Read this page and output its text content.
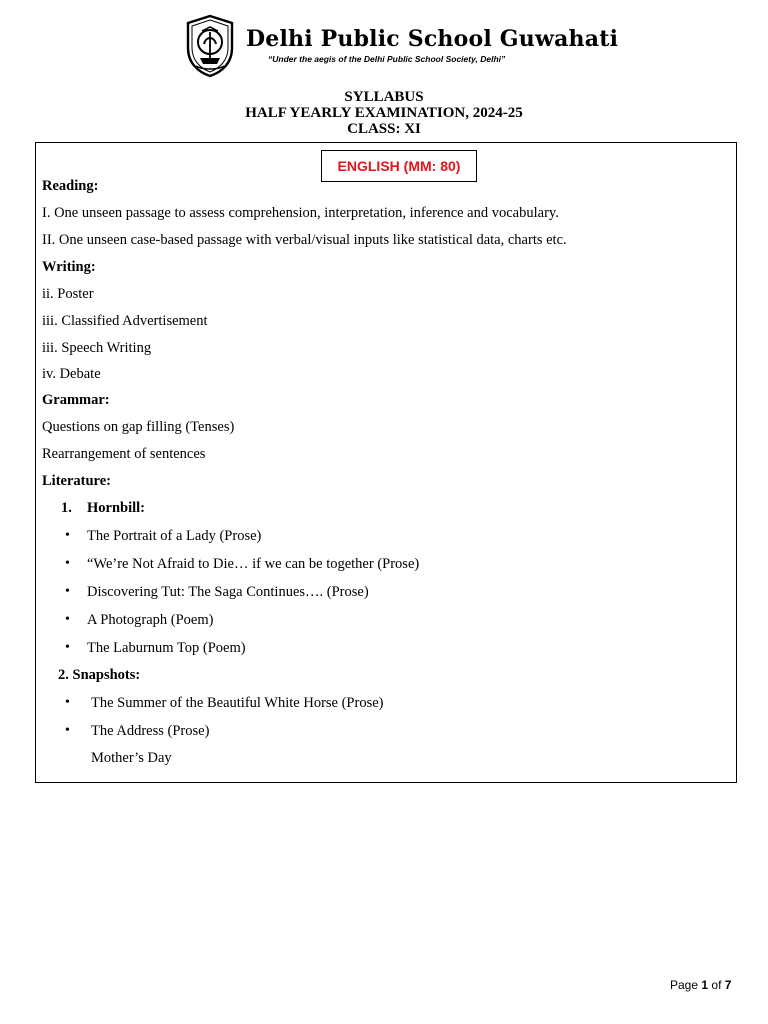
Delhi Public School Guwahati
“Under the aegis of the Delhi Public School Society, Delhi”
SYLLABUS
HALF YEARLY EXAMINATION, 2024-25
CLASS: XI
ENGLISH (MM: 80)
Reading:
I. One unseen passage to assess comprehension, interpretation, inference and vocabulary.
II. One unseen case-based passage with verbal/visual inputs like statistical data, charts etc.
Writing:
ii. Poster
iii. Classified Advertisement
iii. Speech Writing
iv. Debate
Grammar:
Questions on gap filling (Tenses)
Rearrangement of sentences
Literature:
1. Hornbill:
• The Portrait of a Lady (Prose)
• “We’re Not Afraid to Die… if we can be together (Prose)
• Discovering Tut: The Saga Continues…. (Prose)
• A Photograph (Poem)
• The Laburnum Top (Poem)
2. Snapshots:
• The Summer of the Beautiful White Horse (Prose)
• The Address (Prose)
Mother’s Day
Page 1 of 7
